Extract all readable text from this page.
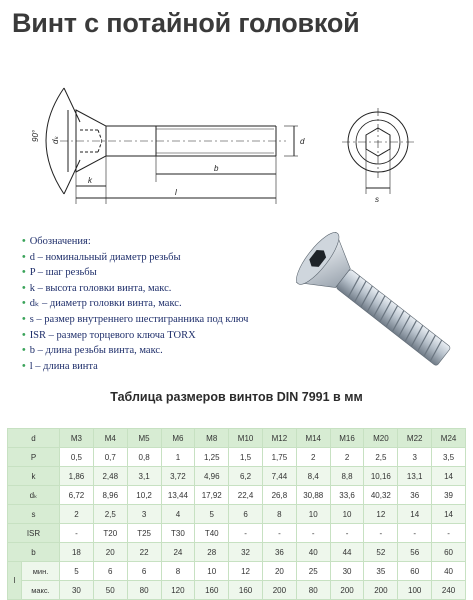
Винт с потайной головкой
90° dₖ
k
b
l
d
s
• Обозначения:
• d – номинальный диаметр резьбы
• P – шаг резьбы
• k – высота головки винта, макс.
• dₖ – диаметр головки винта, макс.
• s – размер внутреннего шестигранника под ключ
• ISR – размер торцевого ключа TORX
• b – длина резьбы винта, макс.
• l – длина винта
Таблица размеров винтов DIN 7991 в мм
d		M3	M4	M5	M6	M8	M10	M12	M14	M16	M20	M22	M24
P		0,5	0,7	0,8	1	1,25	1,5	1,75	2	2	2,5	3	3,5
k		1,86	2,48	3,1	3,72	4,96	6,2	7,44	8,4	8,8	10,16	13,1	14
dₖ		6,72	8,96	10,2	13,44	17,92	22,4	26,8	30,88	33,6	40,32	36	39
s		2	2,5	3	4	5	6	8	10	10	12	14	14
ISR		-	T20	T25	T30	T40	-	-	-	-	-	-	-
b		18	20	22	24	28	32	36	40	44	52	56	60
l	мин.	5	6	6	8	10	12	20	25	30	35	60	40
	макс.	30	50	80	120	160	160	200	80	200	200	100	240
